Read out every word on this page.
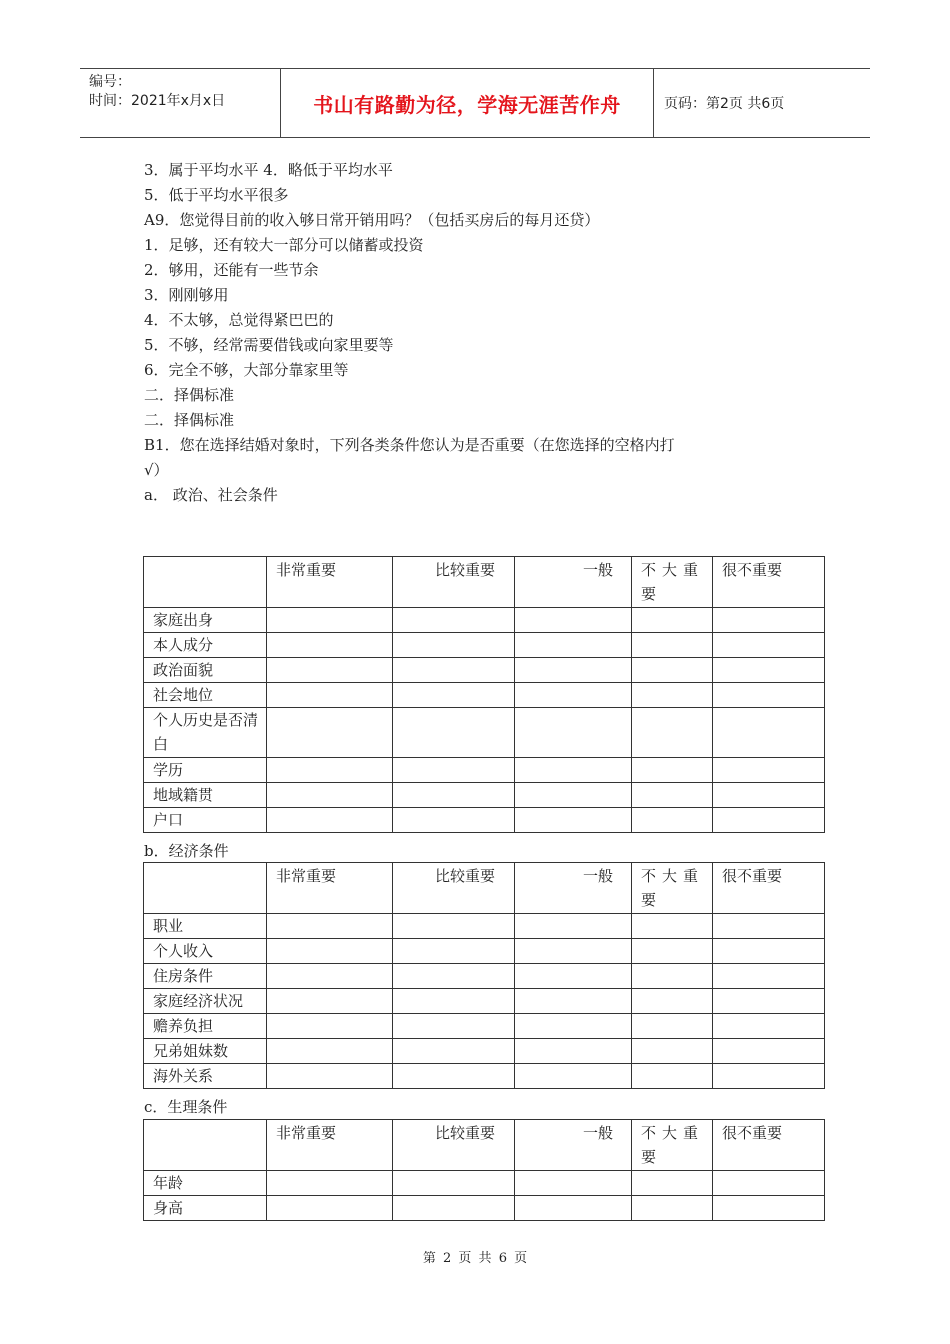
编号：
时间：2021年x月x日	书山有路勤为径，学海无涯苦作舟	页码：第2页 共6页
3．属于平均水平 4．略低于平均水平
5．低于平均水平很多
A9．您觉得目前的收入够日常开销用吗？（包括买房后的每月还贷）
1．足够，还有较大一部分可以储蓄或投资
2．够用，还能有一些节余
3．刚刚够用
4．不太够，总觉得紧巴巴的
5．不够，经常需要借钱或向家里要等
6．完全不够，大部分靠家里等
二．择偶标准
二．择偶标准
B1．您在选择结婚对象时，下列各类条件您认为是否重要（在您选择的空格内打
√）
a． 政治、社会条件
	非常重要	比较重要	一般	不大重要	很不重要
家庭出身					
本人成分					
政治面貌					
社会地位					
个人历史是否清白					
学历					
地域籍贯					
户口					
b．经济条件
	非常重要	比较重要	一般	不大重要	很不重要
职业					
个人收入					
住房条件					
家庭经济状况					
赡养负担					
兄弟姐妹数					
海外关系					
c．生理条件
	非常重要	比较重要	一般	不大重要	很不重要
年龄					
身高					
第 2 页 共 6 页
